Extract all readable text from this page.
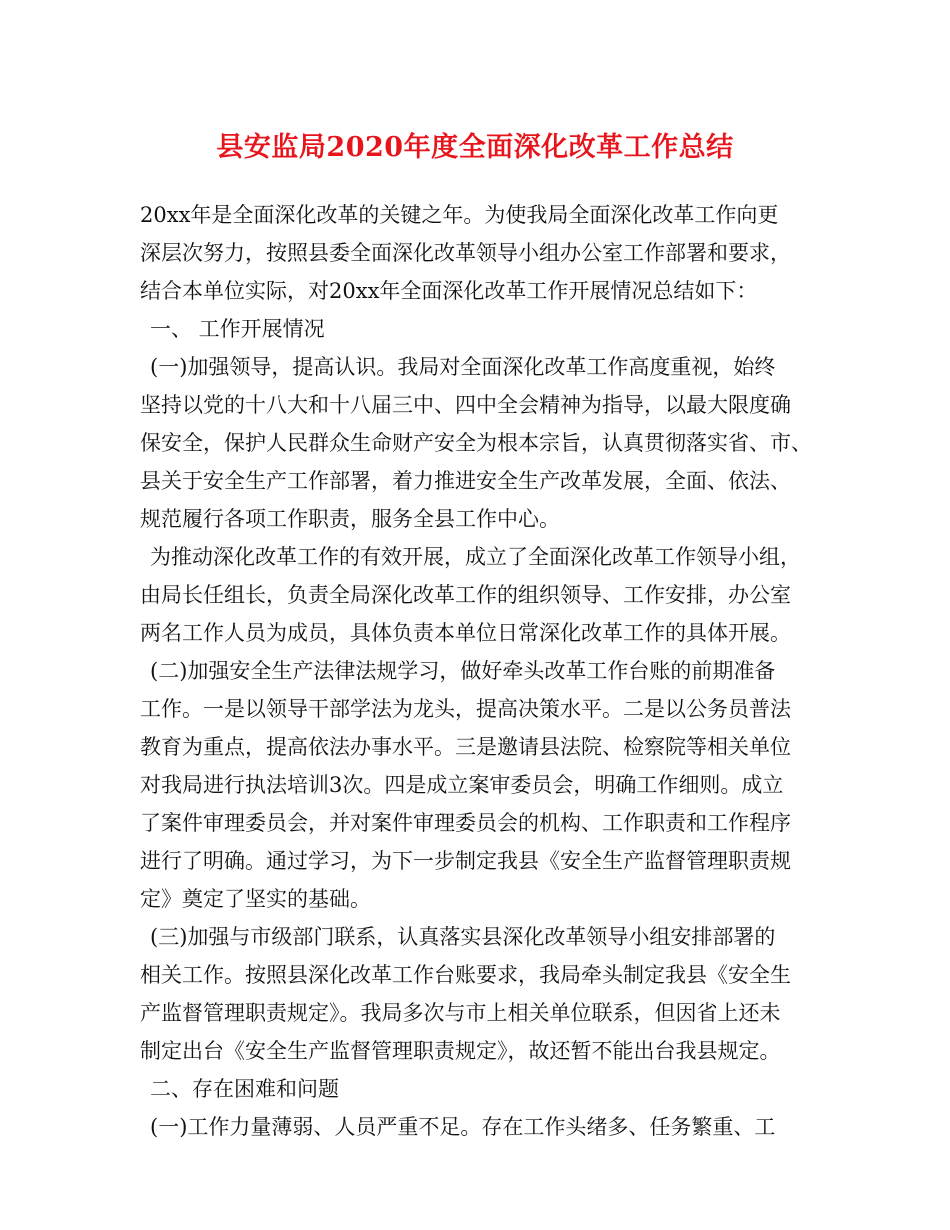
县安监局2020年度全面深化改革工作总结
20xx年是全面深化改革的关键之年。为使我局全面深化改革工作向更
深层次努力，按照县委全面深化改革领导小组办公室工作部署和要求，
结合本单位实际，对20xx年全面深化改革工作开展情况总结如下：
一、 工作开展情况
(一)加强领导，提高认识。我局对全面深化改革工作高度重视，始终
坚持以党的十八大和十八届三中、四中全会精神为指导，以最大限度确
保安全，保护人民群众生命财产安全为根本宗旨，认真贯彻落实省、市、
县关于安全生产工作部署，着力推进安全生产改革发展，全面、依法、
规范履行各项工作职责，服务全县工作中心。
为推动深化改革工作的有效开展，成立了全面深化改革工作领导小组，
由局长任组长，负责全局深化改革工作的组织领导、工作安排，办公室
两名工作人员为成员，具体负责本单位日常深化改革工作的具体开展。
(二)加强安全生产法律法规学习，做好牵头改革工作台账的前期准备
工作。一是以领导干部学法为龙头，提高决策水平。二是以公务员普法
教育为重点，提高依法办事水平。三是邀请县法院、检察院等相关单位
对我局进行执法培训3次。四是成立案审委员会，明确工作细则。成立
了案件审理委员会，并对案件审理委员会的机构、工作职责和工作程序
进行了明确。通过学习，为下一步制定我县《安全生产监督管理职责规
定》奠定了坚实的基础。
(三)加强与市级部门联系，认真落实县深化改革领导小组安排部署的
相关工作。按照县深化改革工作台账要求，我局牵头制定我县《安全生
产监督管理职责规定》。我局多次与市上相关单位联系，但因省上还未
制定出台《安全生产监督管理职责规定》，故还暂不能出台我县规定。
二、存在困难和问题
(一)工作力量薄弱、人员严重不足。存在工作头绪多、任务繁重、工
